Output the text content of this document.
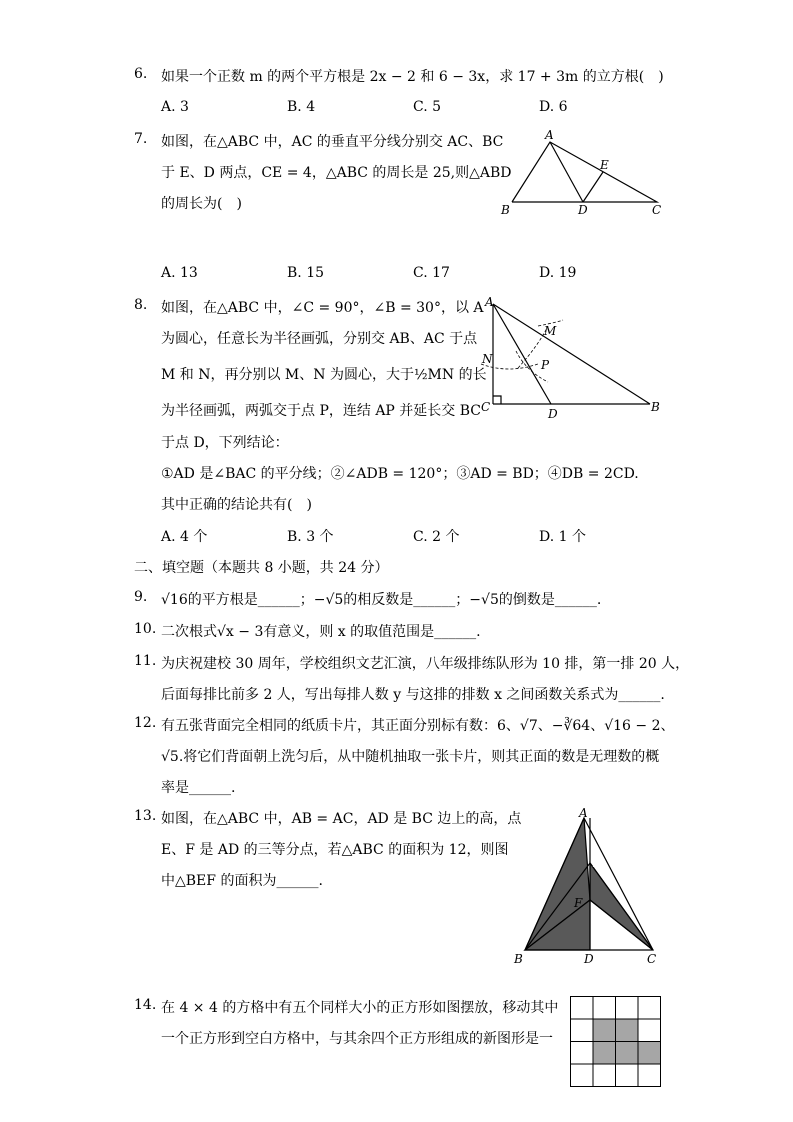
6. 如果一个正数 m 的两个平方根是 2x − 2 和 6 − 3x，求 17 + 3m 的立方根(　)
A. 3	B. 4	C. 5	D. 6
7. 如图，在△ABC 中，AC 的垂直平分线分别交 AC、BC
于 E、D 两点，CE = 4，△ABC 的周长是 25,则△ABD
的周长为(　)
A
B	C
D
E
A. 13	B. 15	C. 17	D. 19
8. 如图，在△ABC 中，∠C = 90°，∠B = 30°，以 A
为圆心，任意长为半径画弧，分别交 AB、AC 于点
M 和 N，再分别以 M、N 为圆心，大于½MN 的长
为半径画弧，两弧交于点 P，连结 AP 并延长交 BC
于点 D，下列结论：
①AD 是∠BAC 的平分线；②∠ADB = 120°；③AD = BD；④DB = 2CD.
其中正确的结论共有(　)
A
B
C	D
M
N	P
A. 4 个	B. 3 个	C. 2 个	D. 1 个
二、填空题（本题共 8 小题，共 24 分）
9. √16的平方根是______；−√5的相反数是______；−√5的倒数是______.
10. 二次根式√x − 3有意义，则 x 的取值范围是______.
11. 为庆祝建校 30 周年，学校组织文艺汇演，八年级排练队形为 10 排，第一排 20 人，
后面每排比前多 2 人，写出每排人数 y 与这排的排数 x 之间函数关系式为______.
12. 有五张背面完全相同的纸质卡片，其正面分别标有数：6、√7、−∛64、√16 − 2、
√5.将它们背面朝上洗匀后，从中随机抽取一张卡片，则其正面的数是无理数的概
率是______.
13. 如图，在△ABC 中，AB = AC，AD 是 BC 边上的高，点
E、F 是 AD 的三等分点，若△ABC 的面积为 12，则图
中△BEF 的面积为______.
A
B	C
D
E
F
14. 在 4 × 4 的方格中有五个同样大小的正方形如图摆放，移动其中
一个正方形到空白方格中，与其余四个正方形组成的新图形是一
